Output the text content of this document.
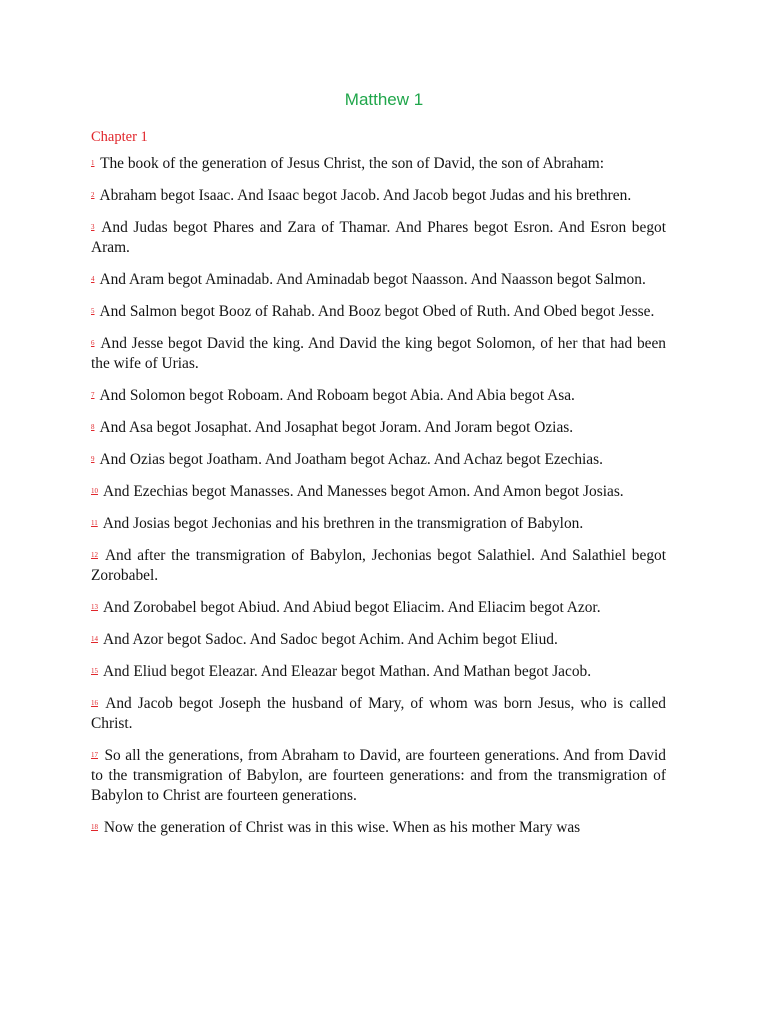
Matthew 1
Chapter 1

1 The book of the generation of Jesus Christ, the son of David, the son of Abraham:

2 Abraham begot Isaac. And Isaac begot Jacob. And Jacob begot Judas and his brethren.

3 And Judas begot Phares and Zara of Thamar. And Phares begot Esron. And Esron begot Aram.

4 And Aram begot Aminadab. And Aminadab begot Naasson. And Naasson begot Salmon.

5 And Salmon begot Booz of Rahab. And Booz begot Obed of Ruth. And Obed begot Jesse.

6 And Jesse begot David the king. And David the king begot Solomon, of her that had been the wife of Urias.

7 And Solomon begot Roboam. And Roboam begot Abia. And Abia begot Asa.

8 And Asa begot Josaphat. And Josaphat begot Joram. And Joram begot Ozias.

9 And Ozias begot Joatham. And Joatham begot Achaz. And Achaz begot Ezechias.

10 And Ezechias begot Manasses. And Manesses begot Amon. And Amon begot Josias.

11 And Josias begot Jechonias and his brethren in the transmigration of Babylon.

12 And after the transmigration of Babylon, Jechonias begot Salathiel. And Salathiel begot Zorobabel.

13 And Zorobabel begot Abiud. And Abiud begot Eliacim. And Eliacim begot Azor.

14 And Azor begot Sadoc. And Sadoc begot Achim. And Achim begot Eliud.

15 And Eliud begot Eleazar. And Eleazar begot Mathan. And Mathan begot Jacob.

16 And Jacob begot Joseph the husband of Mary, of whom was born Jesus, who is called Christ.

17 So all the generations, from Abraham to David, are fourteen generations. And from David to the transmigration of Babylon, are fourteen generations: and from the transmigration of Babylon to Christ are fourteen generations.

18 Now the generation of Christ was in this wise. When as his mother Mary was
